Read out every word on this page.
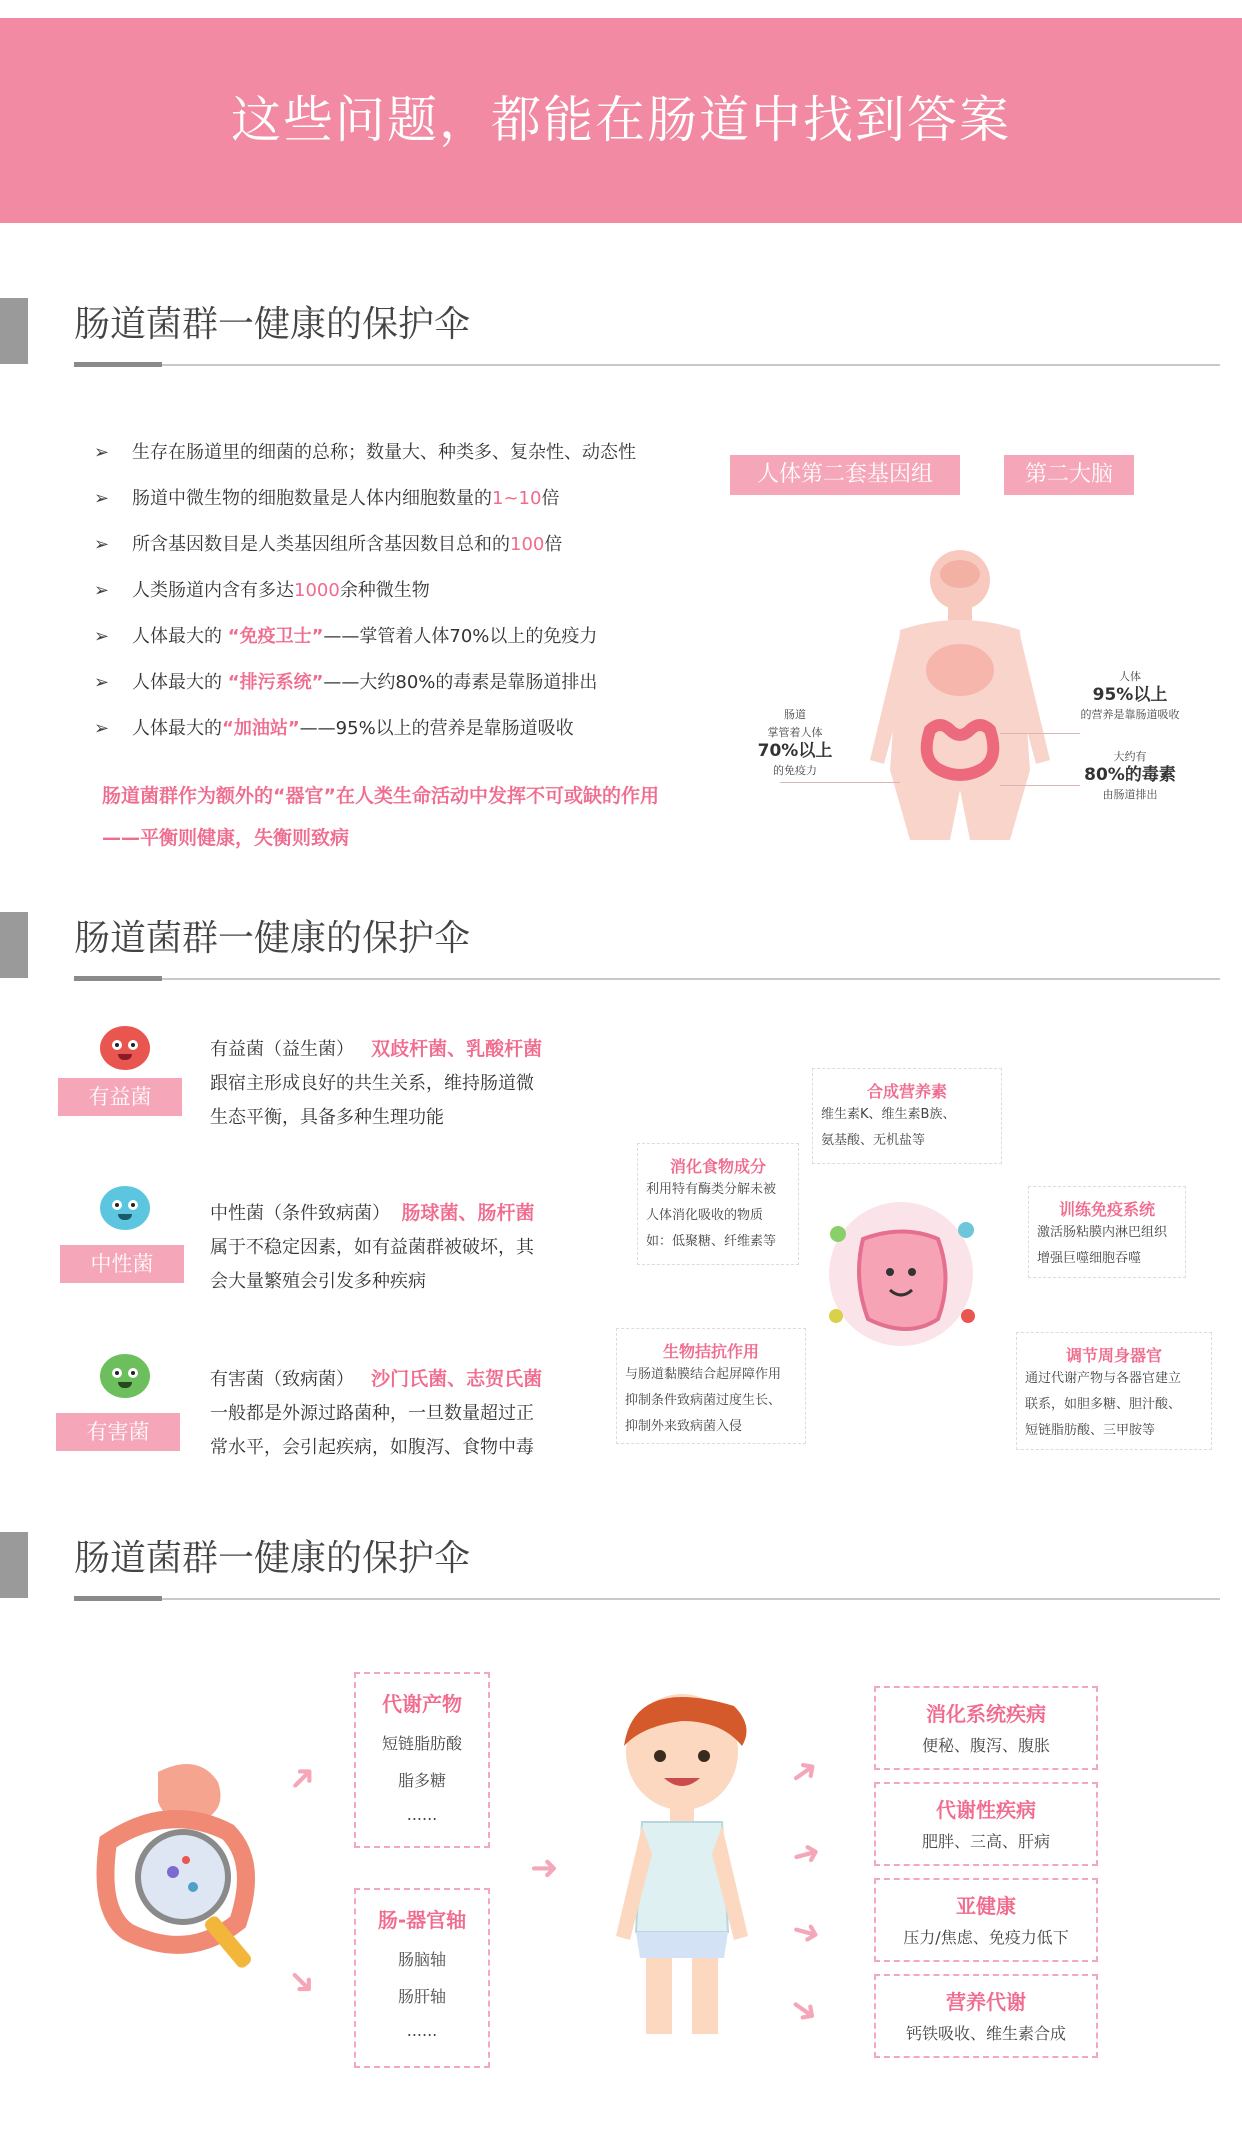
这些问题，都能在肠道中找到答案
肠道菌群一健康的保护伞
➢ 生存在肠道里的细菌的总称；数量大、种类多、复杂性、动态性
➢ 肠道中微生物的细胞数量是人体内细胞数量的1~10倍
➢ 所含基因数目是人类基因组所含基因数目总和的100倍
➢ 人类肠道内含有多达1000余种微生物
➢ 人体最大的 “免疫卫士”——掌管着人体70%以上的免疫力
➢ 人体最大的 “排污系统”——大约80%的毒素是靠肠道排出
➢ 人体最大的“加油站”——95%以上的营养是靠肠道吸收
肠道菌群作为额外的“器官”在人类生命活动中发挥不可或缺的作用——平衡则健康，失衡则致病
人体第二套基因组	第二大脑
肠道
掌管着人体
70%以上
的免疫力
人体
95%以上
的营养是靠肠道吸收
大约有
80%的毒素
由肠道排出
肠道菌群一健康的保护伞
有益菌
有益菌（益生菌） 双歧杆菌、乳酸杆菌
跟宿主形成良好的共生关系，维持肠道微
生态平衡，具备多种生理功能
中性菌
中性菌（条件致病菌） 肠球菌、肠杆菌
属于不稳定因素，如有益菌群被破坏，其
会大量繁殖会引发多种疾病
有害菌
有害菌（致病菌） 沙门氏菌、志贺氏菌
一般都是外源过路菌种，一旦数量超过正
常水平，会引起疾病，如腹泻、食物中毒
合成营养素
维生素K、维生素B族、
氨基酸、无机盐等
消化食物成分
利用特有酶类分解未被
人体消化吸收的物质
如：低聚糖、纤维素等
训练免疫系统
激活肠粘膜内淋巴组织
增强巨噬细胞吞噬
生物拮抗作用
与肠道黏膜结合起屏障作用
抑制条件致病菌过度生长、
抑制外来致病菌入侵
调节周身器官
通过代谢产物与各器官建立
联系，如胆多糖、胆汁酸、
短链脂肪酸、三甲胺等
肠道菌群一健康的保护伞
代谢产物
短链脂肪酸
脂多糖
......
肠-器官轴
肠脑轴
肠肝轴
......
➜
➜
➜
➜
➜
➜
➜
消化系统疾病
便秘、腹泻、腹胀
代谢性疾病
肥胖、三高、肝病
亚健康
压力/焦虑、免疫力低下
营养代谢
钙铁吸收、维生素合成
